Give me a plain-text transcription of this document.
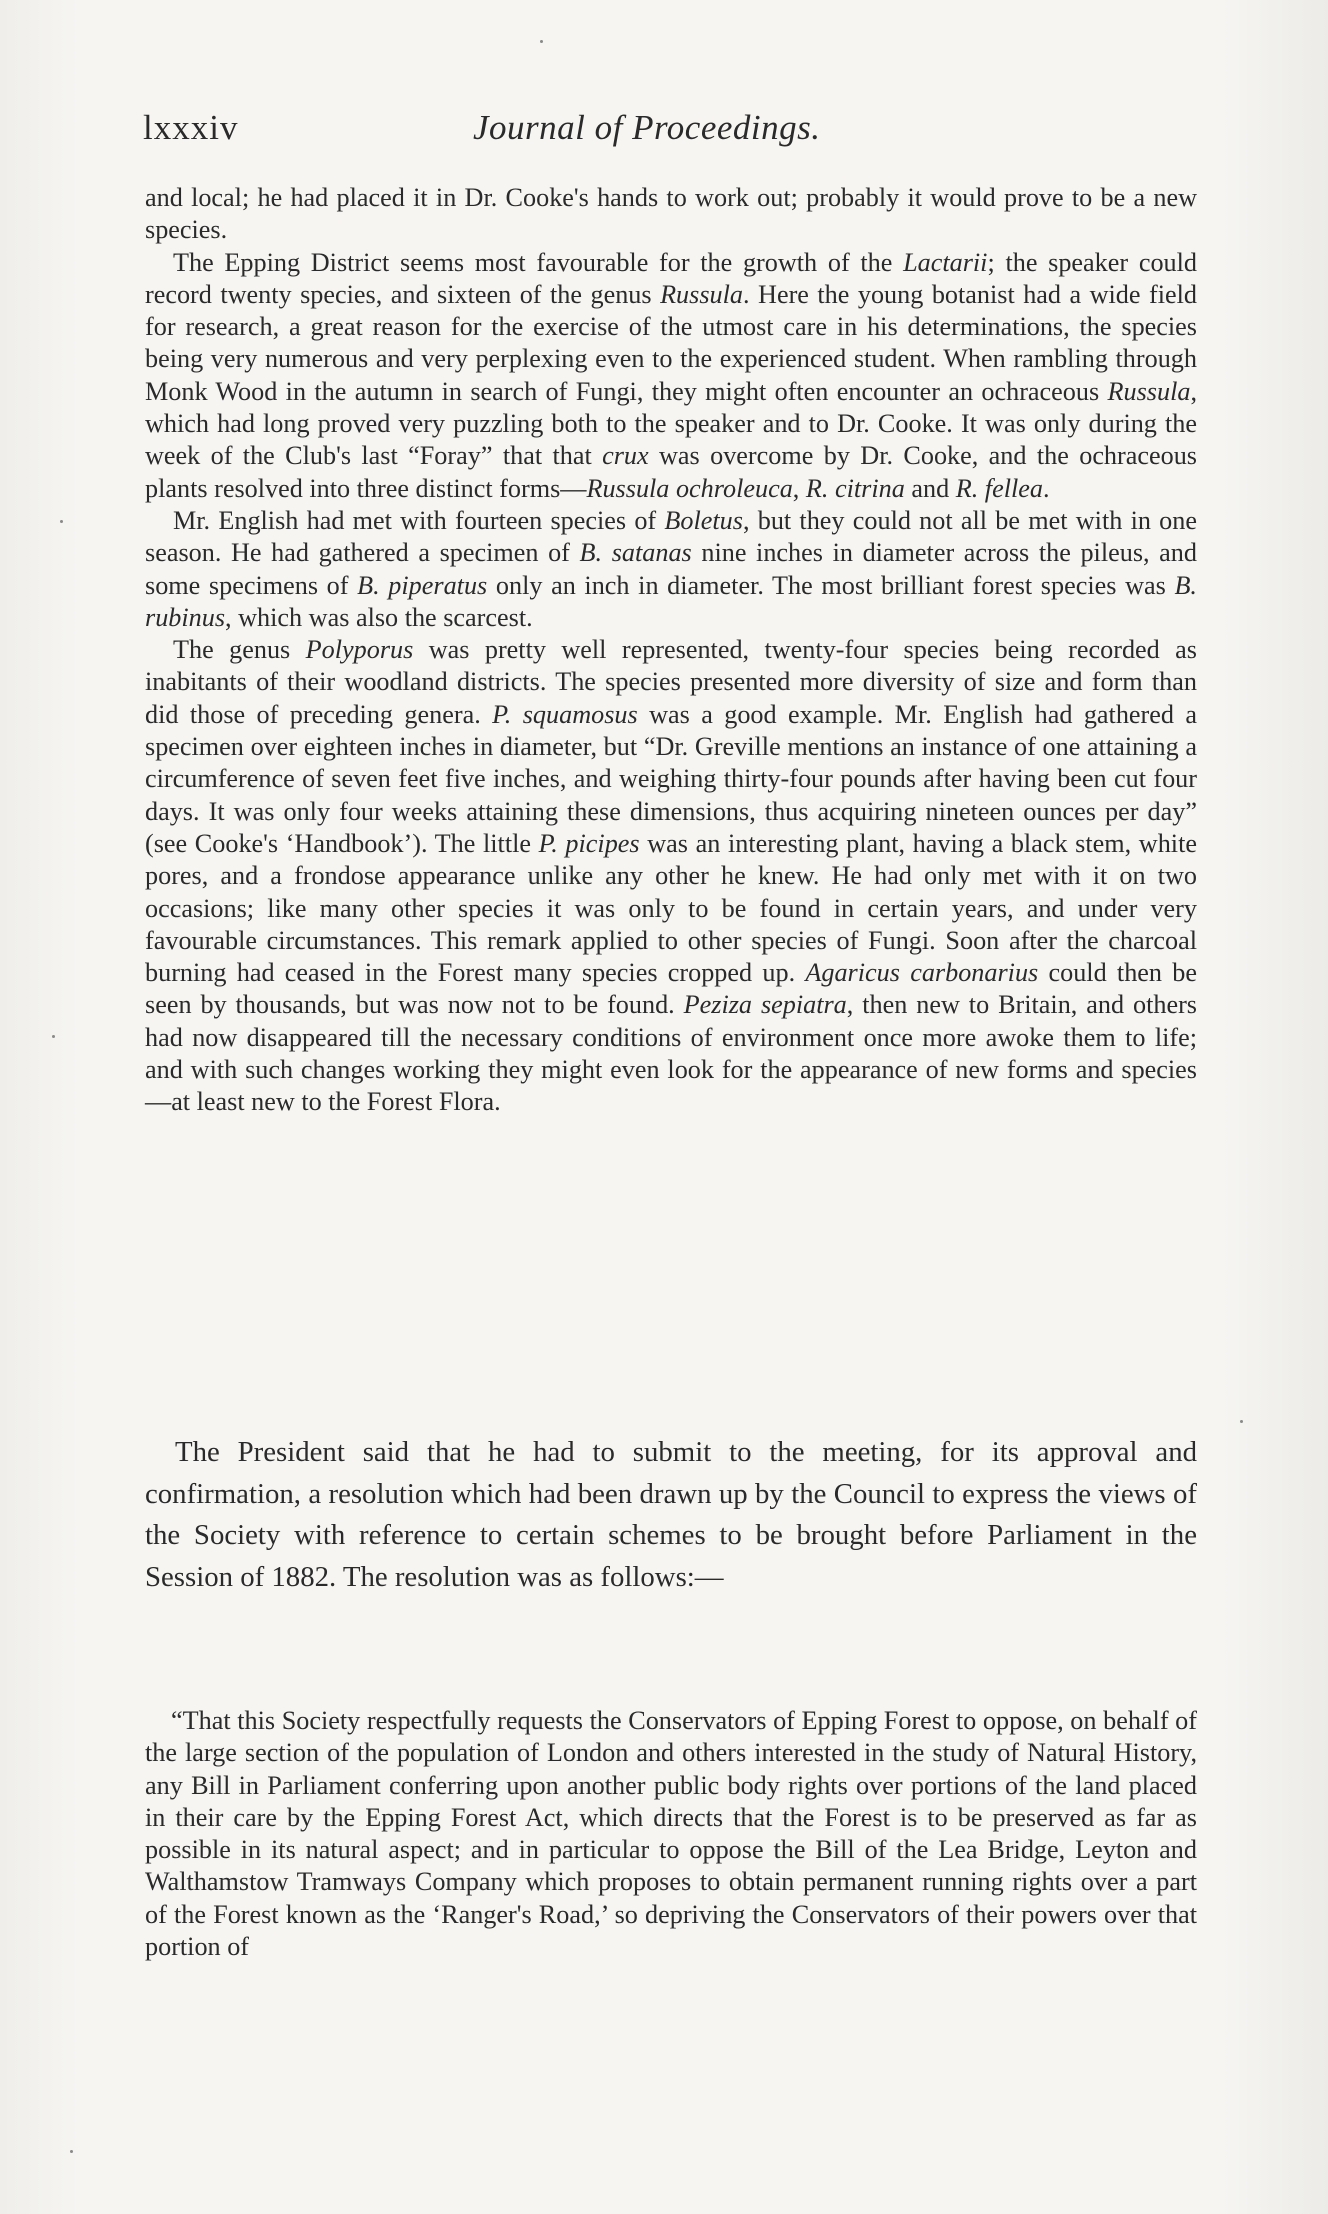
lxxxiv	Journal of Proceedings.

and local; he had placed it in Dr. Cooke's hands to work out; probably it would prove to be a new species.

The Epping District seems most favourable for the growth of the Lactarii; the speaker could record twenty species, and sixteen of the genus Russula. Here the young botanist had a wide field for research, a great reason for the exercise of the utmost care in his determinations, the species being very numerous and very perplexing even to the experienced student. When rambling through Monk Wood in the autumn in search of Fungi, they might often encounter an ochraceous Russula, which had long proved very puzzling both to the speaker and to Dr. Cooke. It was only during the week of the Club's last “Foray” that that crux was overcome by Dr. Cooke, and the ochraceous plants resolved into three distinct forms—Russula ochroleuca, R. citrina and R. fellea.

Mr. English had met with fourteen species of Boletus, but they could not all be met with in one season. He had gathered a specimen of B. satanas nine inches in diameter across the pileus, and some specimens of B. piperatus only an inch in diameter. The most brilliant forest species was B. rubinus, which was also the scarcest.

The genus Polyporus was pretty well represented, twenty-four species being recorded as inabitants of their woodland districts. The species presented more diversity of size and form than did those of preceding genera. P. squamosus was a good example. Mr. English had gathered a specimen over eighteen inches in diameter, but “Dr. Greville mentions an instance of one attaining a circumference of seven feet five inches, and weighing thirty-four pounds after having been cut four days. It was only four weeks attaining these dimensions, thus acquiring nineteen ounces per day” (see Cooke's ‘Handbook’). The little P. picipes was an interesting plant, having a black stem, white pores, and a frondose appearance unlike any other he knew. He had only met with it on two occasions; like many other species it was only to be found in certain years, and under very favourable circumstances. This remark applied to other species of Fungi. Soon after the charcoal burning had ceased in the Forest many species cropped up. Agaricus carbonarius could then be seen by thousands, but was now not to be found. Peziza sepiatra, then new to Britain, and others had now disappeared till the necessary conditions of environment once more awoke them to life; and with such changes working they might even look for the appearance of new forms and species—at least new to the Forest Flora.

The President said that he had to submit to the meeting, for its approval and confirmation, a resolution which had been drawn up by the Council to express the views of the Society with reference to certain schemes to be brought before Parliament in the Session of 1882. The resolution was as follows:—

“That this Society respectfully requests the Conservators of Epping Forest to oppose, on behalf of the large section of the population of London and others interested in the study of Natural History, any Bill in Parliament conferring upon another public body rights over portions of the land placed in their care by the Epping Forest Act, which directs that the Forest is to be preserved as far as possible in its natural aspect; and in particular to oppose the Bill of the Lea Bridge, Leyton and Walthamstow Tramways Company which proposes to obtain permanent running rights over a part of the Forest known as the ‘Ranger's Road,’ so depriving the Conservators of their powers over that portion of
